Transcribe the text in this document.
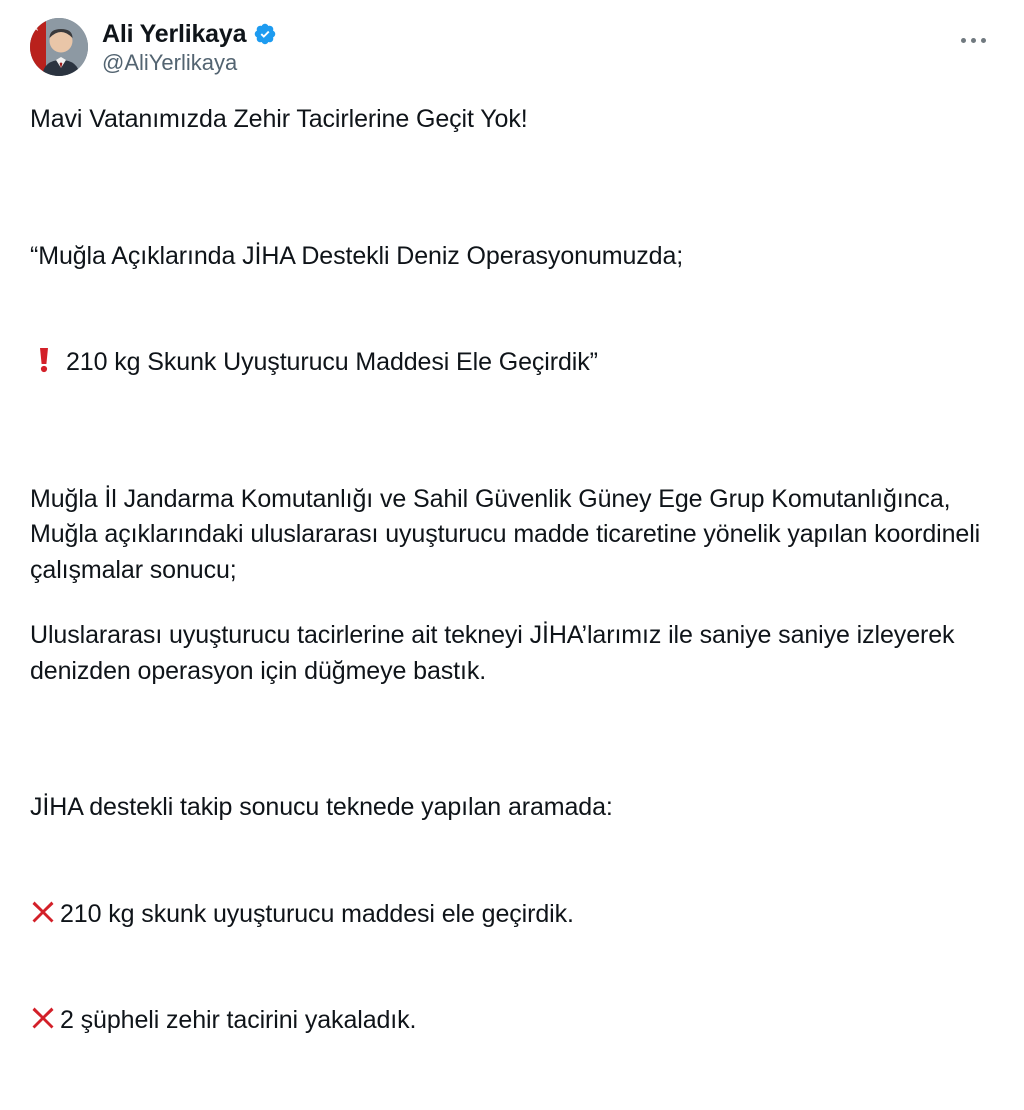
Ali Yerlikaya
@AliYerlikaya

Mavi Vatanımızda Zehir Tacirlerine Geçit Yok!

“Muğla Açıklarında JİHA Destekli Deniz Operasyonumuzda;

210 kg Skunk Uyuşturucu Maddesi Ele Geçirdik”

Muğla İl Jandarma Komutanlığı ve Sahil Güvenlik Güney Ege Grup Komutanlığınca, Muğla açıklarındaki uluslararası uyuşturucu madde ticaretine yönelik yapılan koordineli çalışmalar sonucu;

Uluslararası uyuşturucu tacirlerine ait tekneyi JİHA’larımız ile saniye saniye izleyerek denizden operasyon için düğmeye bastık.

JİHA destekli takip sonucu teknede yapılan aramada:

210 kg skunk uyuşturucu maddesi ele geçirdik.

2 şüpheli zehir tacirini yakaladık.
